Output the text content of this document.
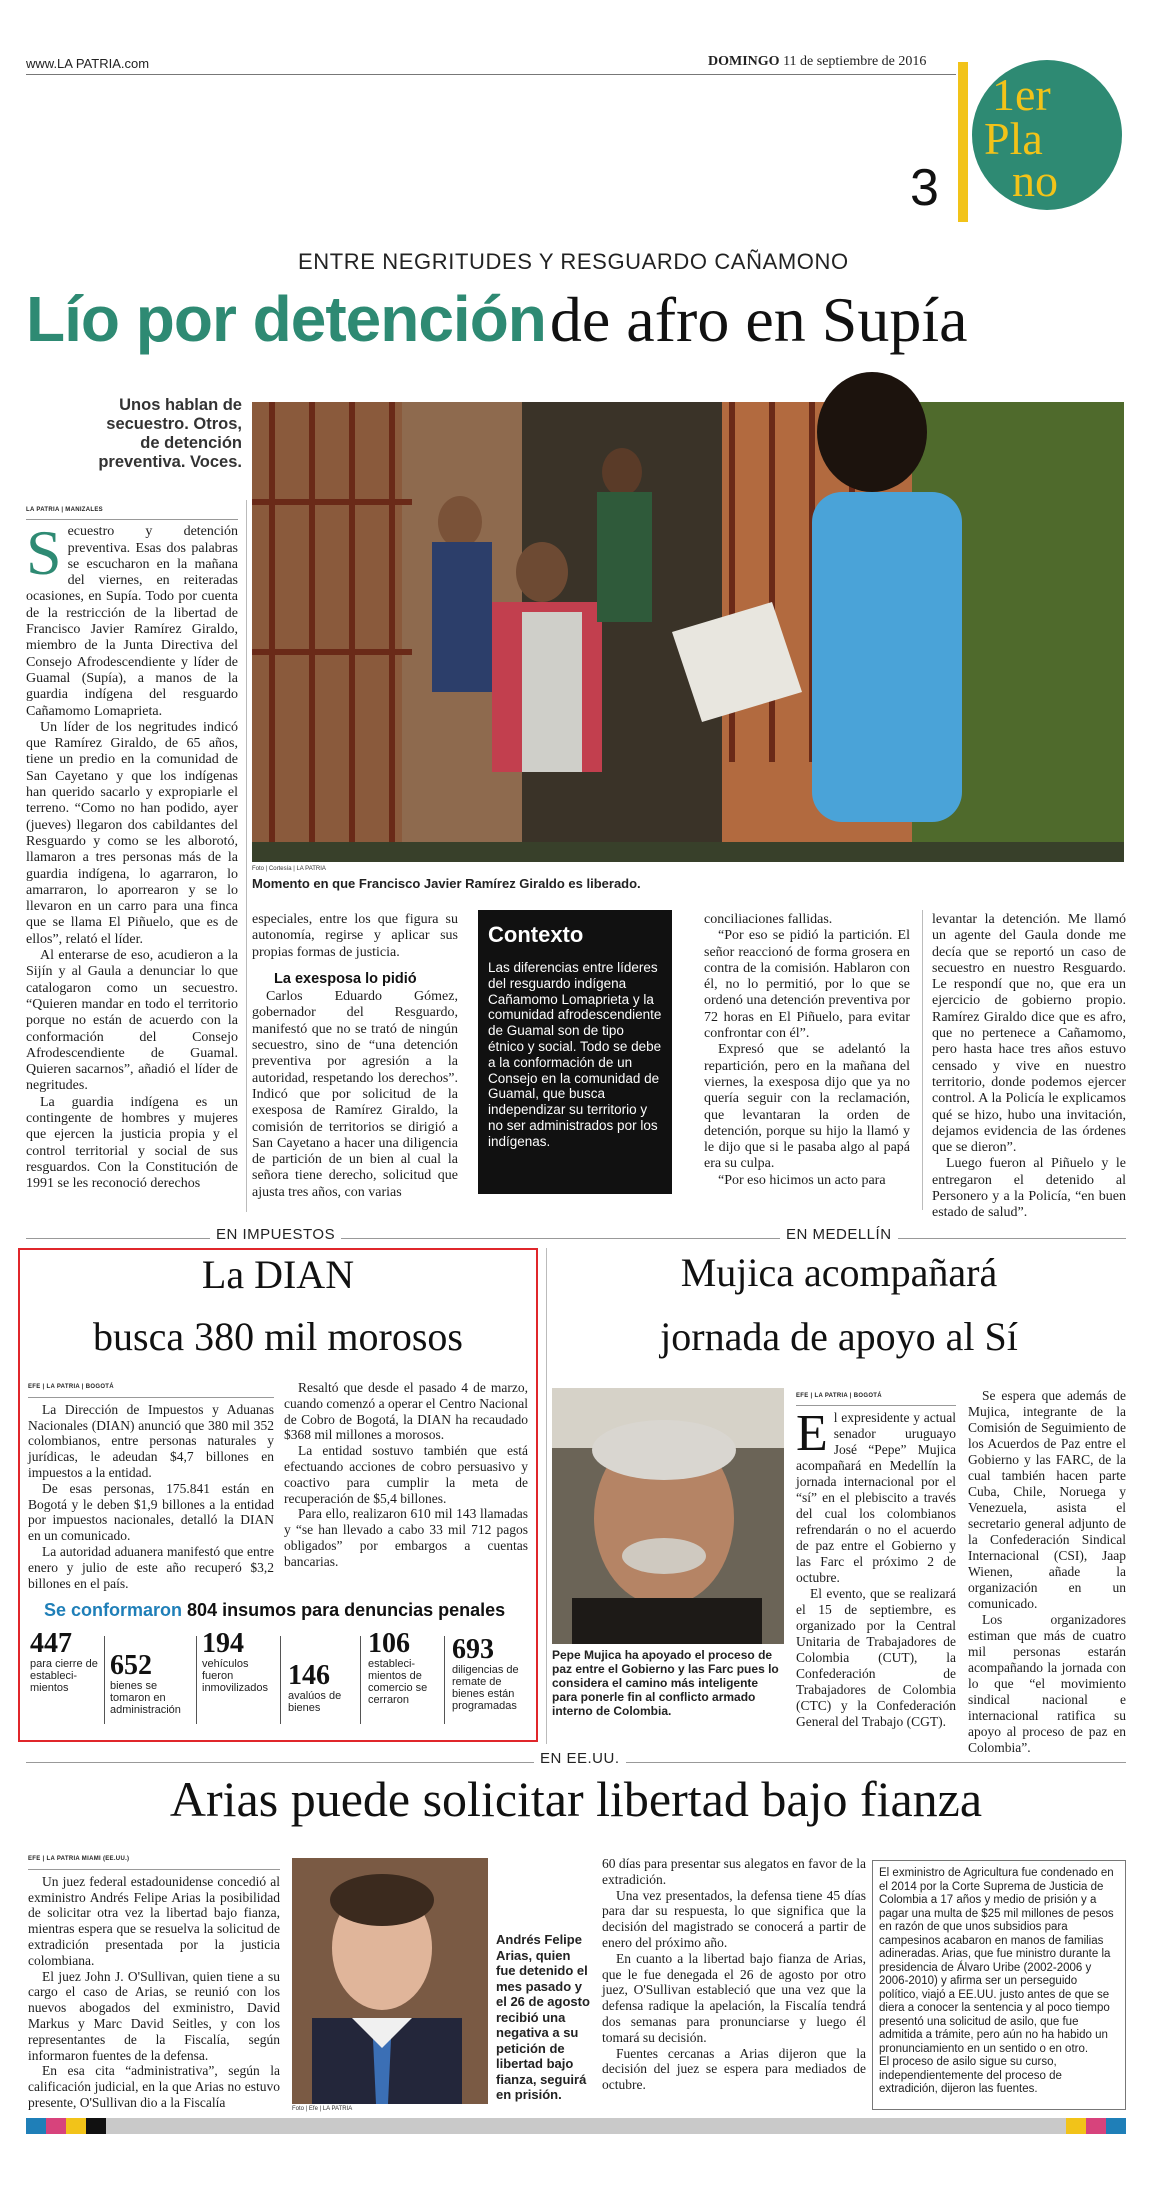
www.LA PATRIA.com	DOMINGO 11 de septiembre de 2016
1er
Pla
no
3
ENTRE NEGRITUDES Y RESGUARDO CAÑAMONO
Lío por detención de afro en Supía
Unos hablan de secuestro. Otros, de detención preventiva. Voces.
Foto | Cortesía | LA PATRIA
Momento en que Francisco Javier Ramírez Giraldo es liberado.
LA PATRIA | MANIZALES
S ecuestro y detención preventiva. Esas dos palabras se escucharon en la mañana del viernes, en reiteradas ocasiones, en Supía. Todo por cuenta de la restricción de la libertad de Francisco Javier Ramírez Giraldo, miembro de la Junta Directiva del Consejo Afrodescendiente y líder de Guamal (Supía), a manos de la guardia indígena del resguardo Cañamomo Lomaprieta.

Un líder de los negritudes indicó que Ramírez Giraldo, de 65 años, tiene un predio en la comunidad de San Cayetano y que los indígenas han querido sacarlo y expropiarle el terreno. “Como no han podido, ayer (jueves) llegaron dos cabildantes del Resguardo y como se les alborotó, llamaron a tres personas más de la guardia indígena, lo agarraron, lo amarraron, lo aporrearon y se lo llevaron en un carro para una finca que se llama El Piñuelo, que es de ellos”, relató el líder.

Al enterarse de eso, acudieron a la Sijín y al Gaula a denunciar lo que catalogaron como un secuestro. “Quieren mandar en todo el territorio porque no están de acuerdo con la conformación del Consejo Afrodescendiente de Guamal. Quieren sacarnos”, añadió el líder de negritudes.

La guardia indígena es un contingente de hombres y mujeres que ejercen la justicia propia y el control territorial y social de sus resguardos. Con la Constitución de 1991 se les reconoció derechos

especiales, entre los que figura su autonomía, regirse y aplicar sus propias formas de justicia.

La exesposa lo pidió

Carlos Eduardo Gómez, gobernador del Resguardo, manifestó que no se trató de ningún secuestro, sino de “una detención preventiva por agresión a la autoridad, respetando los derechos”. Indicó que por solicitud de la exesposa de Ramírez Giraldo, la comisión de territorios se dirigió a San Cayetano a hacer una diligencia de partición de un bien al cual la señora tiene derecho, solicitud que ajusta tres años, con varias

Contexto
Las diferencias entre líderes del resguardo indígena Cañamomo Lomaprieta y la comunidad afrodescendiente de Guamal son de tipo étnico y social. Todo se debe a la conformación de un Consejo en la comunidad de Guamal, que busca independizar su territorio y no ser administrados por los indígenas.

conciliaciones fallidas.

“Por eso se pidió la partición. El señor reaccionó de forma grosera en contra de la comisión. Hablaron con él, no lo permitió, por lo que se ordenó una detención preventiva por 72 horas en El Piñuelo, para evitar confrontar con él”.

Expresó que se adelantó la repartición, pero en la mañana del viernes, la exesposa dijo que ya no quería seguir con la reclamación, que levantaran la orden de detención, porque su hijo la llamó y le dijo que si le pasaba algo al papá era su culpa.

“Por eso hicimos un acto para

levantar la detención. Me llamó un agente del Gaula donde me decía que se reportó un caso de secuestro en nuestro Resguardo. Le respondí que no, que era un ejercicio de gobierno propio. Ramírez Giraldo dice que es afro, que no pertenece a Cañamomo, pero hasta hace tres años estuvo censado y vive en nuestro territorio, donde podemos ejercer control. A la Policía le explicamos qué se hizo, hubo una invitación, dejamos evidencia de las órdenes que se dieron”.

Luego fueron al Piñuelo y le entregaron el detenido al Personero y a la Policía, “en buen estado de salud”.

EN IMPUESTOS
La DIAN
busca 380 mil morosos
EFE | LA PATRIA | BOGOTÁ

La Dirección de Impuestos y Aduanas Nacionales (DIAN) anunció que 380 mil 352 colombianos, entre personas naturales y jurídicas, le adeudan $4,7 billones en impuestos a la entidad.

De esas personas, 175.841 están en Bogotá y le deben $1,9 billones a la entidad por impuestos nacionales, detalló la DIAN en un comunicado.

La autoridad aduanera manifestó que entre enero y julio de este año recuperó $3,2 billones en el país.

Resaltó que desde el pasado 4 de marzo, cuando comenzó a operar el Centro Nacional de Cobro de Bogotá, la DIAN ha recaudado $368 mil millones a morosos.

La entidad sostuvo también que está efectuando acciones de cobro persuasivo y coactivo para cumplir la meta de recuperación de $5,4 billones.

Para ello, realizaron 610 mil 143 llamadas y “se han llevado a cabo 33 mil 712 pagos obligados” por embargos a cuentas bancarias.

Se conformaron 804 insumos para denuncias penales
447
para cierre de estableci-mientos
652
bienes se tomaron en administración
194
vehículos fueron inmovilizados 146
avalúos de bienes
106
estableci-mientos de comercio se cerraron
693
diligencias de remate de bienes están programadas
EN MEDELLÍN
Mujica acompañará
jornada de apoyo al Sí
Pepe Mujica ha apoyado el proceso de paz entre el Gobierno y las Farc pues lo considera el camino más inteligente para ponerle fin al conflicto armado interno de Colombia.
EFE | LA PATRIA | BOGOTÁ
E l expresidente y actual senador uruguayo José “Pepe” Mujica acompañará en Medellín la jornada internacional por el “sí” en el plebiscito a través del cual los colombianos refrendarán o no el acuerdo de paz entre el Gobierno y las Farc el próximo 2 de octubre.

El evento, que se realizará el 15 de septiembre, es organizado por la Central Unitaria de Trabajadores de Colombia (CUT), la Confederación de Trabajadores de Colombia (CTC) y la Confederación General del Trabajo (CGT).

Se espera que además de Mujica, integrante de la Comisión de Seguimiento de los Acuerdos de Paz entre el Gobierno y las FARC, de la cual también hacen parte Cuba, Chile, Noruega y Venezuela, asista el secretario general adjunto de la Confederación Sindical Internacional (CSI), Jaap Wienen, añade la organización en un comunicado.

Los organizadores estiman que más de cuatro mil personas estarán acompañando la jornada con lo que “el movimiento sindical nacional e internacional ratifica su apoyo al proceso de paz en Colombia”.

EN EE.UU.
Arias puede solicitar libertad bajo fianza
EFE | LA PATRIA MIAMI (EE.UU.)

Un juez federal estadounidense concedió al exministro Andrés Felipe Arias la posibilidad de solicitar otra vez la libertad bajo fianza, mientras espera que se resuelva la solicitud de extradición presentada por la justicia colombiana.

El juez John J. O'Sullivan, quien tiene a su cargo el caso de Arias, se reunió con los nuevos abogados del exministro, David Markus y Marc David Seitles, y con los representantes de la Fiscalía, según informaron fuentes de la defensa.

En esa cita “administrativa”, según la calificación judicial, en la que Arias no estuvo presente, O'Sullivan dio a la Fiscalía	Foto | Efe | LA PATRIA
Andrés Felipe Arias, quien fue detenido el mes pasado y el 26 de agosto recibió una negativa a su petición de libertad bajo fianza, seguirá en prisión.

60 días para presentar sus alegatos en favor de la extradición.

Una vez presentados, la defensa tiene 45 días para dar su respuesta, lo que significa que la decisión del magistrado se conocerá a partir de enero del próximo año.

En cuanto a la libertad bajo fianza de Arias, que le fue denegada el 26 de agosto por otro juez, O'Sullivan estableció que una vez que la defensa radique la apelación, la Fiscalía tendrá dos semanas para pronunciarse y luego él tomará su decisión.

Fuentes cercanas a Arias dijeron que la decisión del juez se espera para mediados de octubre.

El exministro de Agricultura fue condenado en el 2014 por la Corte Suprema de Justicia de Colombia a 17 años y medio de prisión y a pagar una multa de $25 mil millones de pesos en razón de que unos subsidios para campesinos acabaron en manos de familias adineradas. Arias, que fue ministro durante la presidencia de Álvaro Uribe (2002-2006 y 2006-2010) y afirma ser un perseguido político, viajó a EE.UU. justo antes de que se diera a conocer la sentencia y al poco tiempo presentó una solicitud de asilo, que fue admitida a trámite, pero aún no ha habido un pronunciamiento en un sentido o en otro.
El proceso de asilo sigue su curso, independientemente del proceso de extradición, dijeron las fuentes.
